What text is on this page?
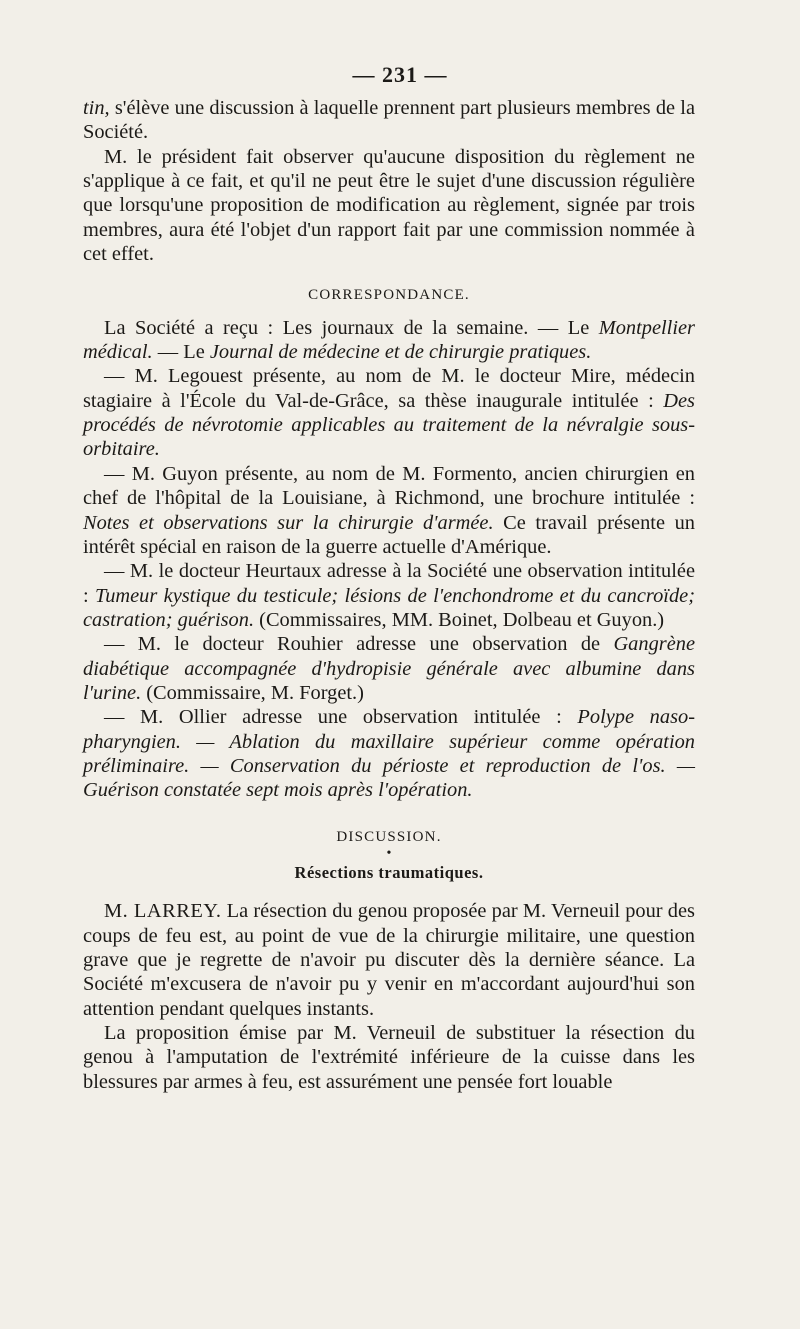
— 231 —

tin, s'élève une discussion à laquelle prennent part plusieurs membres de la Société.

M. le président fait observer qu'aucune disposition du règlement ne s'applique à ce fait, et qu'il ne peut être le sujet d'une discussion régulière que lorsqu'une proposition de modification au règlement, signée par trois membres, aura été l'objet d'un rapport fait par une commission nommée à cet effet.

CORRESPONDANCE.

La Société a reçu : Les journaux de la semaine. — Le Montpellier médical. — Le Journal de médecine et de chirurgie pratiques.

— M. Legouest présente, au nom de M. le docteur Mire, médecin stagiaire à l'École du Val-de-Grâce, sa thèse inaugurale intitulée : Des procédés de névrotomie applicables au traitement de la névralgie sous-orbitaire.

— M. Guyon présente, au nom de M. Formento, ancien chirurgien en chef de l'hôpital de la Louisiane, à Richmond, une brochure intitulée : Notes et observations sur la chirurgie d'armée. Ce travail présente un intérêt spécial en raison de la guerre actuelle d'Amérique.

— M. le docteur Heurtaux adresse à la Société une observation intitulée : Tumeur kystique du testicule; lésions de l'enchondrome et du cancroïde; castration; guérison. (Commissaires, MM. Boinet, Dolbeau et Guyon.)

— M. le docteur Rouhier adresse une observation de Gangrène diabétique accompagnée d'hydropisie générale avec albumine dans l'urine. (Commissaire, M. Forget.)

— M. Ollier adresse une observation intitulée : Polype naso-pharyngien. — Ablation du maxillaire supérieur comme opération préliminaire. — Conservation du périoste et reproduction de l'os. — Guérison constatée sept mois après l'opération.

DISCUSSION.
•
Résections traumatiques.

M. LARREY. La résection du genou proposée par M. Verneuil pour des coups de feu est, au point de vue de la chirurgie militaire, une question grave que je regrette de n'avoir pu discuter dès la dernière séance. La Société m'excusera de n'avoir pu y venir en m'accordant aujourd'hui son attention pendant quelques instants.

La proposition émise par M. Verneuil de substituer la résection du genou à l'amputation de l'extrémité inférieure de la cuisse dans les blessures par armes à feu, est assurément une pensée fort louable
